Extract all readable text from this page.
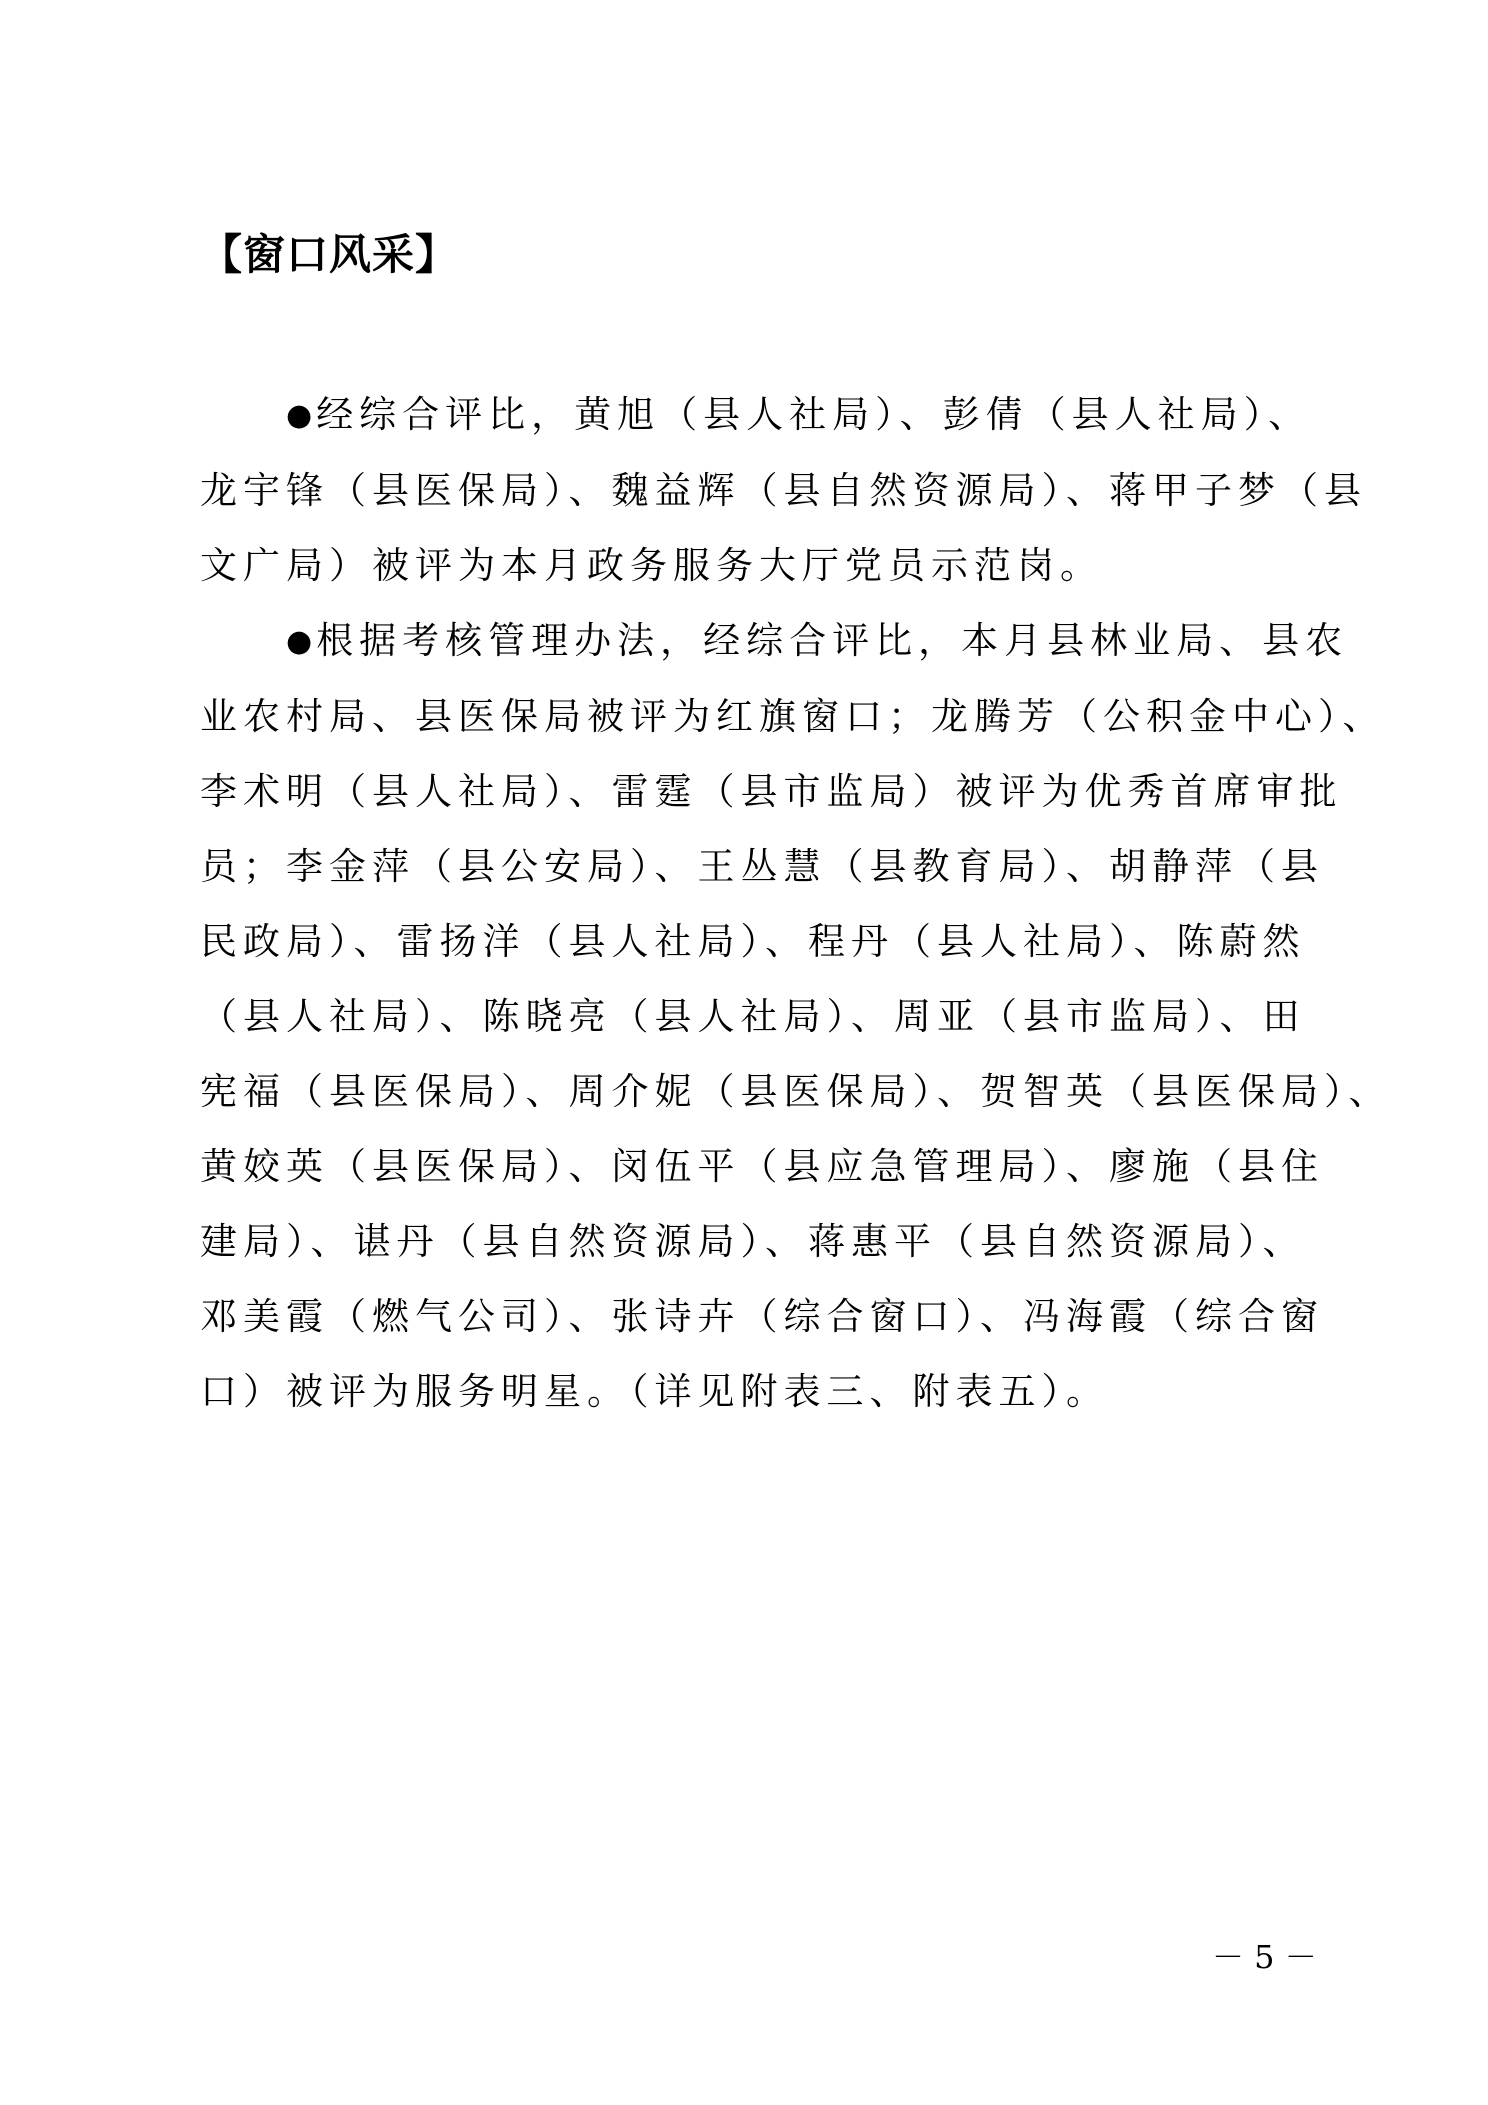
【窗口风采】

● 经综合评比，黄旭（县人社局）、彭倩（县人社局）、
龙宇锋（县医保局）、魏益辉（县自然资源局）、蒋甲子梦（县
文广局）被评为本月政务服务大厅党员示范岗。

● 根据考核管理办法，经综合评比，本月县林业局、县农
业农村局、县医保局被评为红旗窗口；龙腾芳（公积金中心）、
李术明（县人社局）、雷霆（县市监局）被评为优秀首席审批
员；李金萍（县公安局）、王丛慧（县教育局）、胡静萍（县
民政局）、雷扬洋（县人社局）、程丹（县人社局）、陈蔚然
（县人社局）、陈晓亮（县人社局）、周亚（县市监局）、田
宪福（县医保局）、周介妮（县医保局）、贺智英（县医保局）、
黄姣英（县医保局）、闵伍平（县应急管理局）、廖施（县住
建局）、谌丹（县自然资源局）、蒋惠平（县自然资源局）、
邓美霞（燃气公司）、张诗卉（综合窗口）、冯海霞（综合窗
口）被评为服务明星。（详见附表三、附表五）。

－ 5 －
